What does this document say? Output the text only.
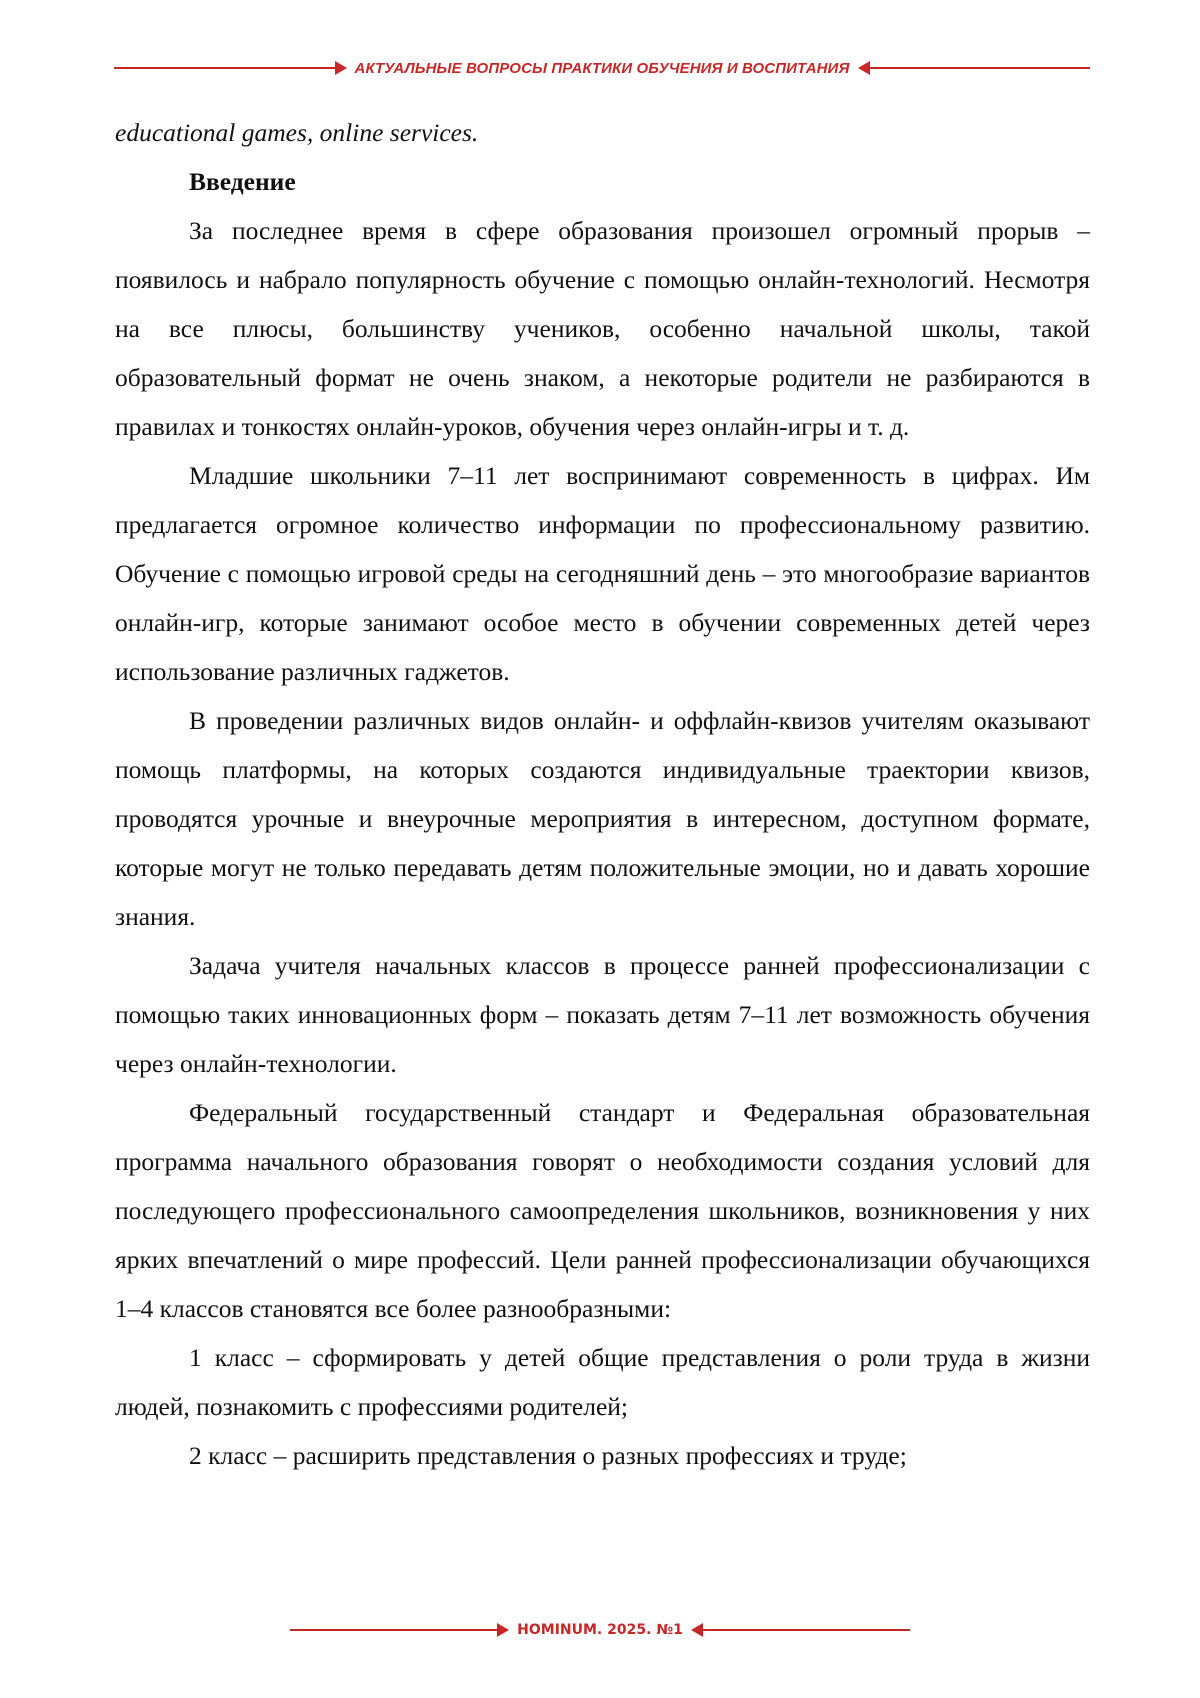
АКТУАЛЬНЫЕ ВОПРОСЫ ПРАКТИКИ ОБУЧЕНИЯ И ВОСПИТАНИЯ

educational games, online services.

Введение

За последнее время в сфере образования произошел огромный прорыв – появилось и набрало популярность обучение с помощью онлайн-технологий. Несмотря на все плюсы, большинству учеников, особенно начальной школы, такой образовательный формат не очень знаком, а некоторые родители не разбираются в правилах и тонкостях онлайн-уроков, обучения через онлайн-игры и т. д.

Младшие школьники 7–11 лет воспринимают современность в цифрах. Им предлагается огромное количество информации по профессиональному развитию. Обучение с помощью игровой среды на сегодняшний день – это многообразие вариантов онлайн-игр, которые занимают особое место в обучении современных детей через использование различных гаджетов.

В проведении различных видов онлайн- и оффлайн-квизов учителям оказывают помощь платформы, на которых создаются индивидуальные траектории квизов, проводятся урочные и внеурочные мероприятия в интересном, доступном формате, которые могут не только передавать детям положительные эмоции, но и давать хорошие знания.

Задача учителя начальных классов в процессе ранней профессионализации с помощью таких инновационных форм – показать детям 7–11 лет возможность обучения через онлайн-технологии.

Федеральный государственный стандарт и Федеральная образовательная программа начального образования говорят о необходимости создания условий для последующего профессионального самоопределения школьников, возникновения у них ярких впечатлений о мире профессий. Цели ранней профессионализации обучающихся 1–4 классов становятся все более разнообразными:

1 класс – сформировать у детей общие представления о роли труда в жизни людей, познакомить с профессиями родителей;

2 класс – расширить представления о разных профессиях и труде;

HOMINUM. 2025. №1
